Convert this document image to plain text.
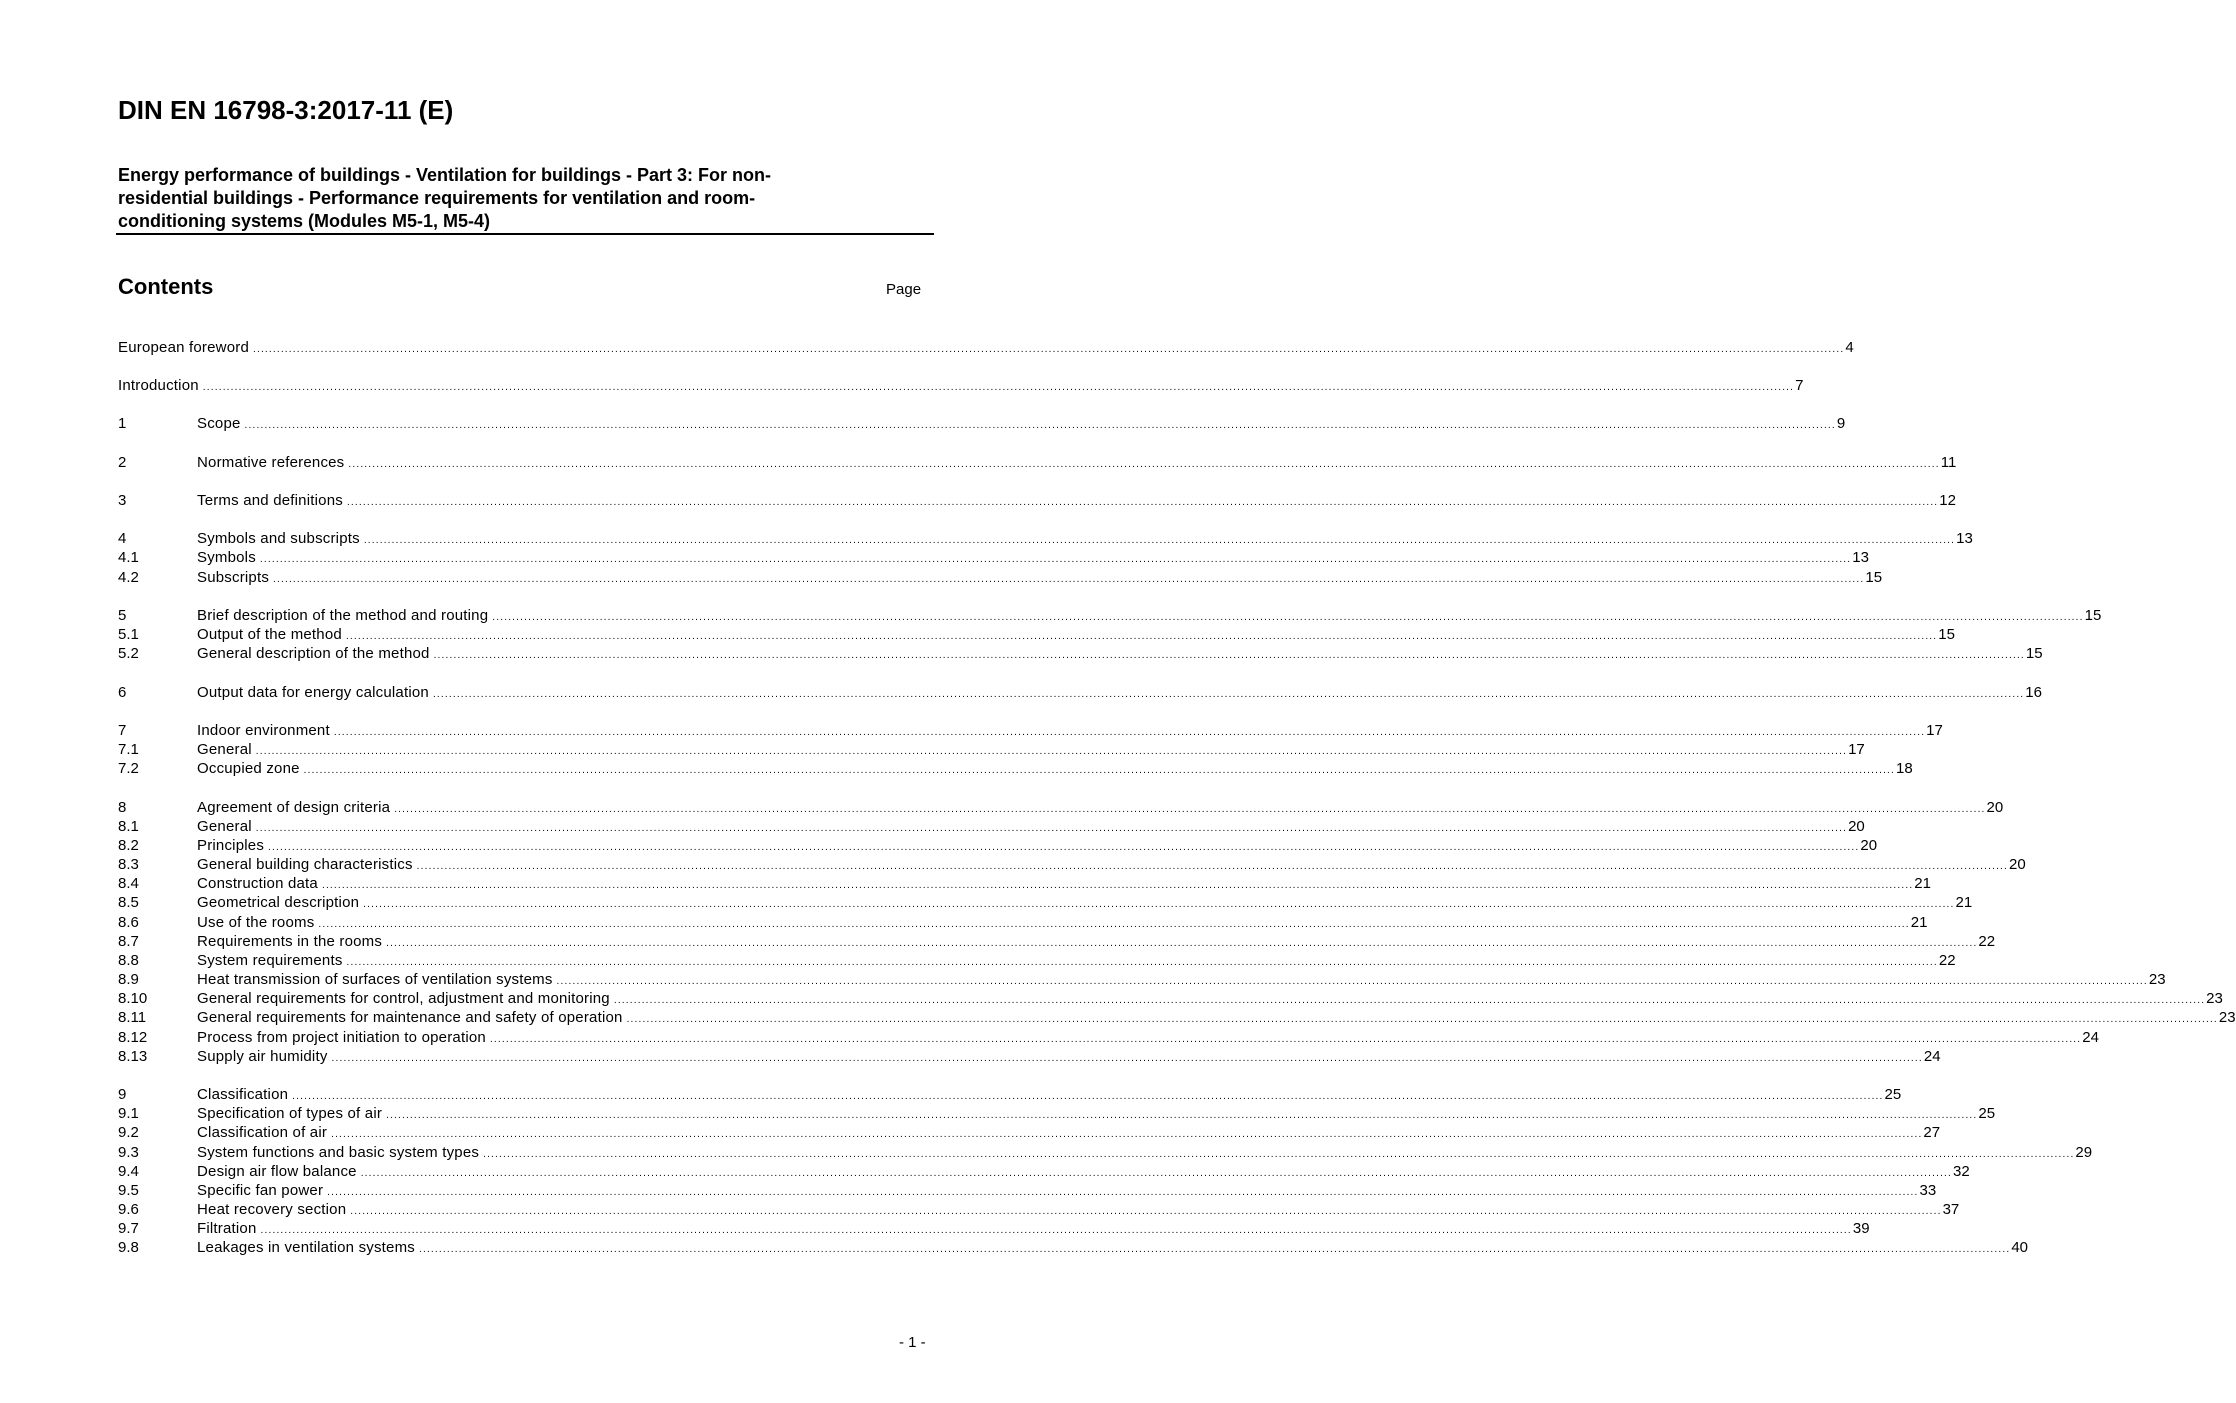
DIN EN 16798-3:2017-11 (E)
Energy performance of buildings - Ventilation for buildings - Part 3: For non-residential buildings - Performance requirements for ventilation and room-conditioning systems (Modules M5-1, M5-4)
Contents	Page
European foreword ................................................................................................................................................................................................................................................................................................................................................................................................................ 4
Introduction ................................................................................................................................................................................................................................................................................................................................................................................................................ 7
1	Scope ................................................................................................................................................................................................................................................................................................................................................................................................................ 9
2	Normative references ................................................................................................................................................................................................................................................................................................................................................................................................................ 11
3	Terms and definitions ................................................................................................................................................................................................................................................................................................................................................................................................................ 12
4	Symbols and subscripts ................................................................................................................................................................................................................................................................................................................................................................................................................ 13
4.1	Symbols ................................................................................................................................................................................................................................................................................................................................................................................................................ 13
4.2	Subscripts ................................................................................................................................................................................................................................................................................................................................................................................................................ 15
5	Brief description of the method and routing ................................................................................................................................................................................................................................................................................................................................................................................................................ 15
5.1	Output of the method ................................................................................................................................................................................................................................................................................................................................................................................................................ 15
5.2	General description of the method ................................................................................................................................................................................................................................................................................................................................................................................................................ 15
6	Output data for energy calculation ................................................................................................................................................................................................................................................................................................................................................................................................................ 16
7	Indoor environment ................................................................................................................................................................................................................................................................................................................................................................................................................ 17
7.1	General ................................................................................................................................................................................................................................................................................................................................................................................................................ 17
7.2	Occupied zone ................................................................................................................................................................................................................................................................................................................................................................................................................ 18
8	Agreement of design criteria ................................................................................................................................................................................................................................................................................................................................................................................................................ 20
8.1	General ................................................................................................................................................................................................................................................................................................................................................................................................................ 20
8.2	Principles ................................................................................................................................................................................................................................................................................................................................................................................................................ 20
8.3	General building characteristics ................................................................................................................................................................................................................................................................................................................................................................................................................ 20
8.4	Construction data ................................................................................................................................................................................................................................................................................................................................................................................................................ 21
8.5	Geometrical description ................................................................................................................................................................................................................................................................................................................................................................................................................ 21
8.6	Use of the rooms ................................................................................................................................................................................................................................................................................................................................................................................................................ 21
8.7	Requirements in the rooms ................................................................................................................................................................................................................................................................................................................................................................................................................ 22
8.8	System requirements ................................................................................................................................................................................................................................................................................................................................................................................................................ 22
8.9	Heat transmission of surfaces of ventilation systems ................................................................................................................................................................................................................................................................................................................................................................................................................ 23
8.10	General requirements for control, adjustment and monitoring ................................................................................................................................................................................................................................................................................................................................................................................................................ 23
8.11	General requirements for maintenance and safety of operation ................................................................................................................................................................................................................................................................................................................................................................................................................ 23
8.12	Process from project initiation to operation ................................................................................................................................................................................................................................................................................................................................................................................................................ 24
8.13	Supply air humidity ................................................................................................................................................................................................................................................................................................................................................................................................................ 24
9	Classification ................................................................................................................................................................................................................................................................................................................................................................................................................ 25
9.1	Specification of types of air ................................................................................................................................................................................................................................................................................................................................................................................................................ 25
9.2	Classification of air ................................................................................................................................................................................................................................................................................................................................................................................................................ 27
9.3	System functions and basic system types ................................................................................................................................................................................................................................................................................................................................................................................................................ 29
9.4	Design air flow balance ................................................................................................................................................................................................................................................................................................................................................................................................................ 32
9.5	Specific fan power ................................................................................................................................................................................................................................................................................................................................................................................................................ 33
9.6	Heat recovery section ................................................................................................................................................................................................................................................................................................................................................................................................................ 37
9.7	Filtration ................................................................................................................................................................................................................................................................................................................................................................................................................ 39
9.8	Leakages in ventilation systems ................................................................................................................................................................................................................................................................................................................................................................................................................ 40
- 1 -
